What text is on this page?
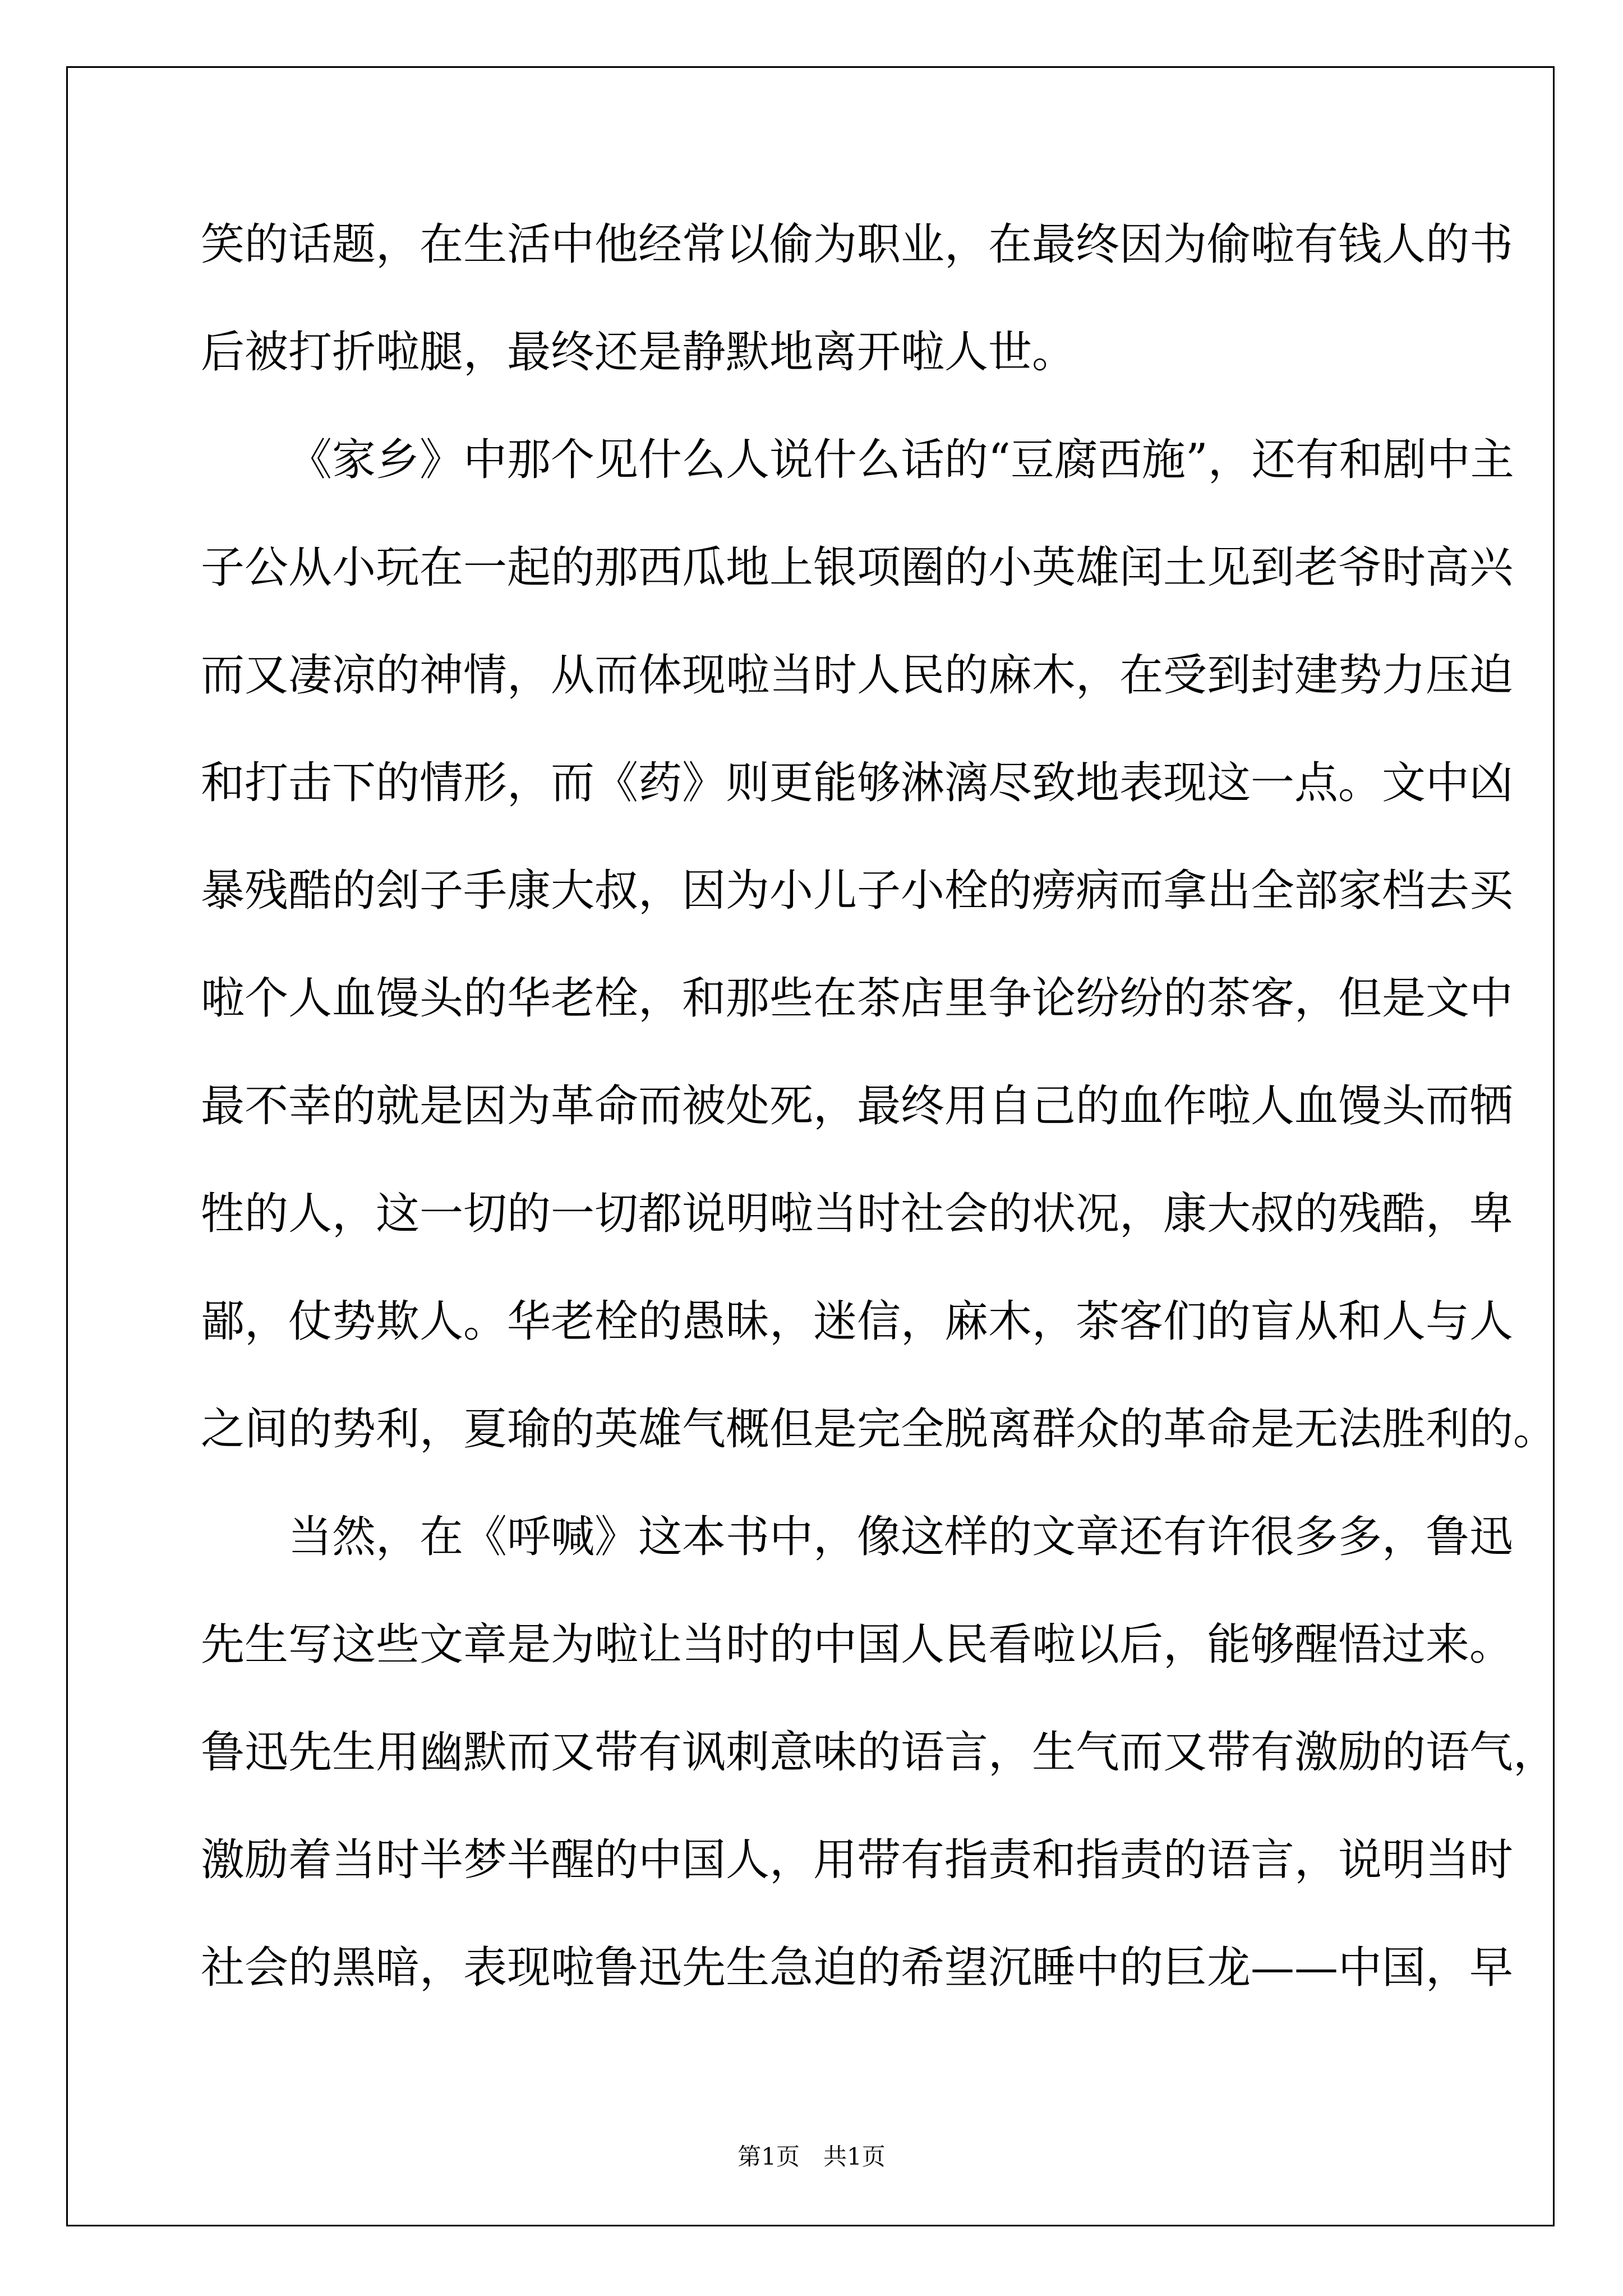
笑的话题，在生活中他经常以偷为职业，在最终因为偷啦有钱人的书
后被打折啦腿，最终还是静默地离开啦人世。
《家乡》中那个见什么人说什么话的“豆腐西施”，还有和剧中主
子公从小玩在一起的那西瓜地上银项圈的小英雄闰土见到老爷时高兴
而又凄凉的神情，从而体现啦当时人民的麻木，在受到封建势力压迫
和打击下的情形，而《药》则更能够淋漓尽致地表现这一点。文中凶
暴残酷的刽子手康大叔，因为小儿子小栓的痨病而拿出全部家档去买
啦个人血馒头的华老栓，和那些在茶店里争论纷纷的茶客，但是文中
最不幸的就是因为革命而被处死，最终用自己的血作啦人血馒头而牺
牲的人，这一切的一切都说明啦当时社会的状况，康大叔的残酷，卑
鄙，仗势欺人。华老栓的愚昧，迷信，麻木，茶客们的盲从和人与人
之间的势利，夏瑜的英雄气概但是完全脱离群众的革命是无法胜利的。
当然，在《呼喊》这本书中，像这样的文章还有许很多多，鲁迅
先生写这些文章是为啦让当时的中国人民看啦以后，能够醒悟过来。
鲁迅先生用幽默而又带有讽刺意味的语言，生气而又带有激励的语气，
激励着当时半梦半醒的中国人，用带有指责和指责的语言，说明当时
社会的黑暗，表现啦鲁迅先生急迫的希望沉睡中的巨龙——中国，早
第1页　共1页
